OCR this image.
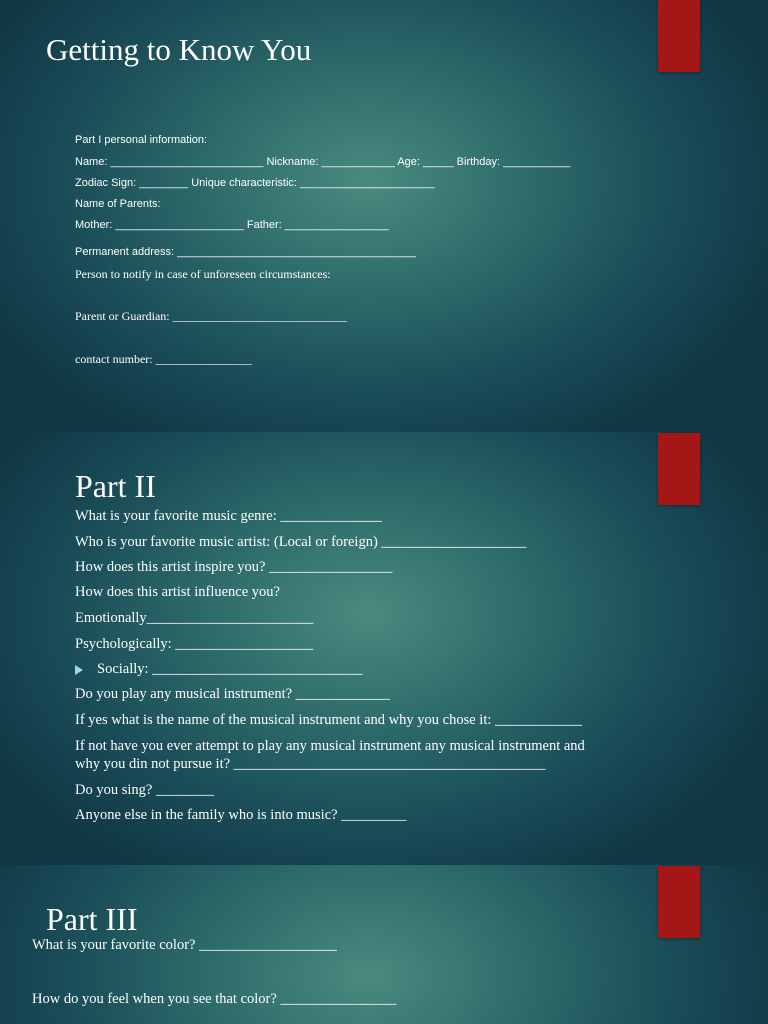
Getting to Know You
Part I personal information:
Name: _________________________ Nickname: ____________ Age: _____ Birthday: ___________
Zodiac Sign: ________ Unique characteristic: ______________________
Name of Parents:
Mother: _____________________ Father: _________________
Permanent address: _______________________________________
Person to notify in case of unforeseen circumstances:
Parent or Guardian: _____________________________
contact number: ________________
Part II
What is your favorite music genre: ______________
Who is your favorite music artist: (Local or foreign) ____________________
How does this artist inspire you? _________________
How does this artist influence you?
Emotionally_______________________
Psychologically: ___________________
Socially: _____________________________
Do you play any musical instrument? _____________
If yes what is the name of the musical instrument and why you chose it: ____________
If not have you ever attempt to play any musical instrument any musical instrument and
why you din not pursue it? ___________________________________________
Do you sing? ________
Anyone else in the family who is into music? _________
Part III
What is your favorite color? ___________________
How do you feel when you see that color? ________________
